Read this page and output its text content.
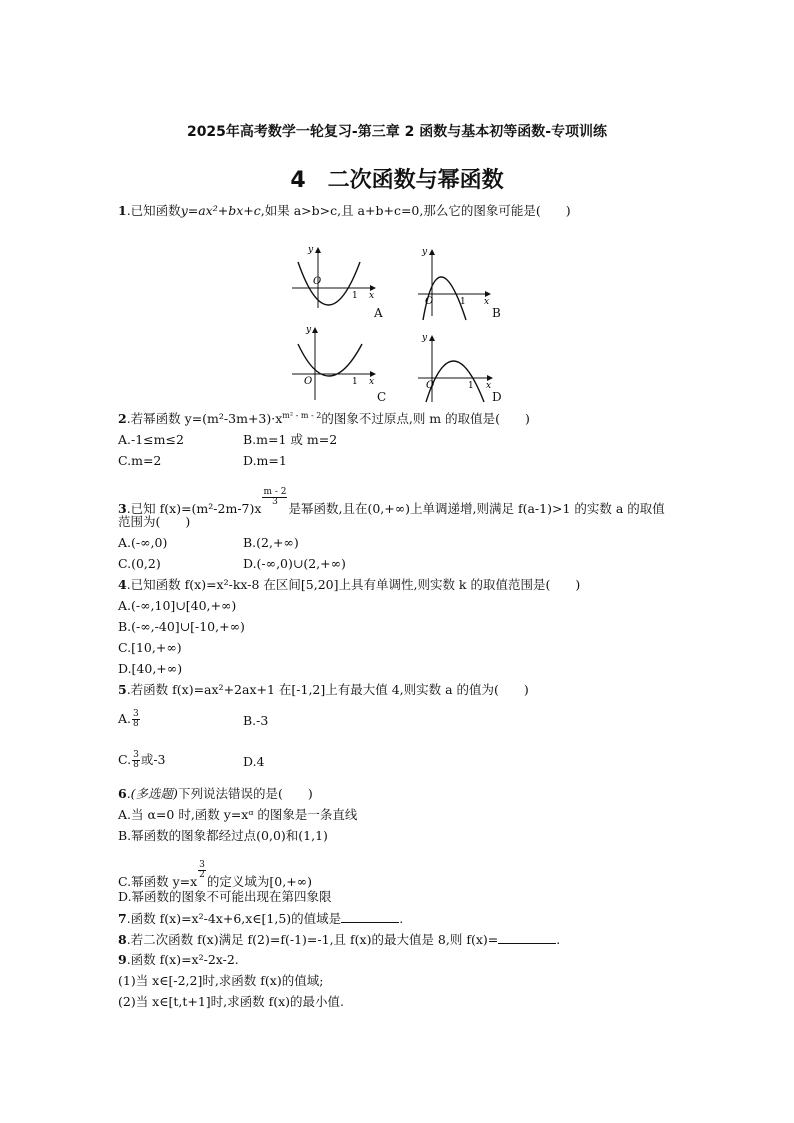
2025年高考数学一轮复习-第三章 2 函数与基本初等函数-专项训练
4　二次函数与幂函数
1.已知函数y=ax²+bx+c,如果 a>b>c,且 a+b+c=0,那么它的图象可能是(　　)
O
1 x
y
O	1 x
y
O	1 x
y
O	1 x
y
A	B
C	D
2.若幂函数 $y=(m^2-3m+3)\cdot x^{m^2 - m - 2}$的图象不过原点,则 m 的取值是(　　)
A.-1≤m≤2	B.m=1 或 m=2
C.m=2	D.m=1
3.已知 f(x)=(m²-2m-7)x
$\frac{m - 2}{3}$
是幂函数,且在(0,+∞)上单调递增,则满足 f(a-1)>1 的实数 a 的取值
范围为(　　)
A.(-∞,0)	B.(2,+∞)
C.(0,2)	D.(-∞,0)∪(2,+∞)
4.已知函数 f(x)=x²-kx-8 在区间[5,20]上具有单调性,则实数 k 的取值范围是(　　)
A.(-∞,10]∪[40,+∞)
B.(-∞,-40]∪[-10,+∞)
C.[10,+∞)
D.[40,+∞)
5.若函数 f(x)=ax²+2ax+1 在[-1,2]上有最大值 4,则实数 a 的值为(　　)
A. $\frac{3}{8}$	B.-3
C. $\frac{3}{8}$ 或-3	D.4
6.(多选题)下列说法错误的是(　　)
A.当 α=0 时,函数 y=xᵅ 的图象是一条直线
B.幂函数的图象都经过点(0,0)和(1,1)
C.幂函数 y=x
$\frac{3}{2}$
的定义域为[0,+∞)
D.幂函数的图象不可能出现在第四象限
7.函数 f(x)=x²-4x+6,x∈[1,5)的值域是	.
8.若二次函数 f(x)满足 f(2)=f(-1)=-1,且 f(x)的最大值是 8,则 f(x)=	.
9.函数 f(x)=x²-2x-2.
(1)当 x∈[-2,2]时,求函数 f(x)的值域;
(2)当 x∈[t,t+1]时,求函数 f(x)的最小值.
